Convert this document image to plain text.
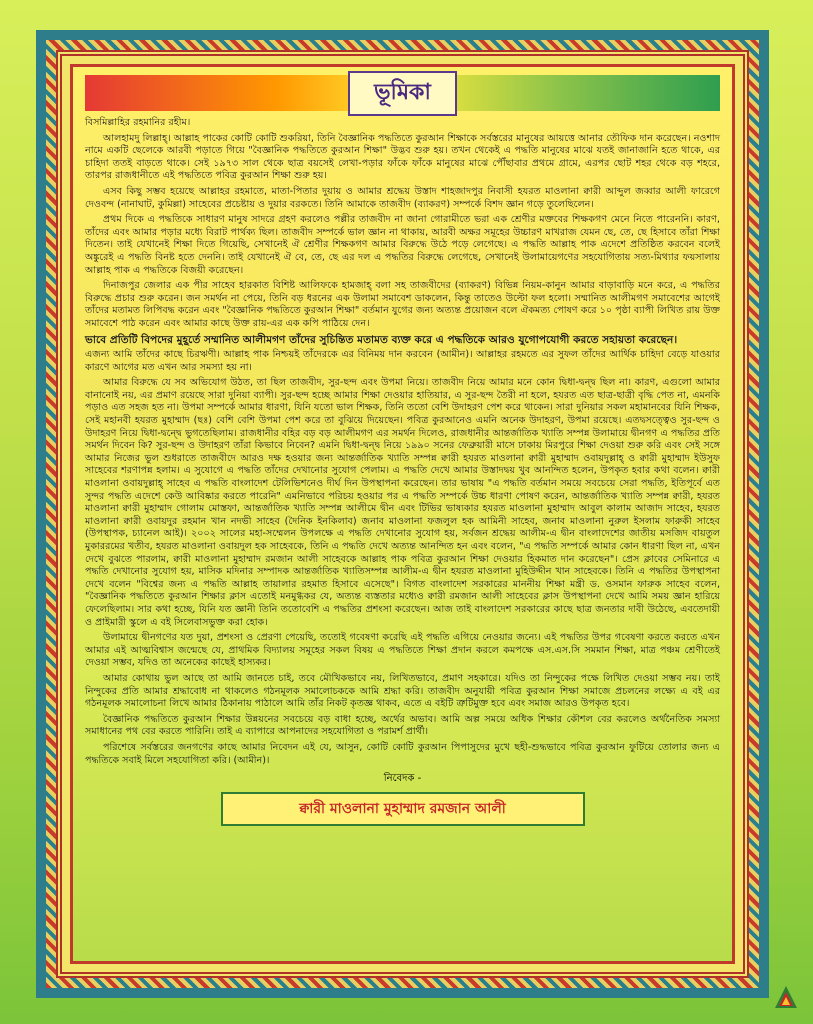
ভূমিকা

বিসমিল্লাহির রহমানির রহীম।

আলহামদু লিল্লাহ্‌। আল্লাহ পাকের কোটি কোটি শুকরিয়া, তিনি বৈজ্ঞানিক পদ্ধতিতে কুরআন শিক্ষাকে সর্বস্তরের মানুষের আয়ত্তে আনার তৌফিক দান করেছেন। নওশাদ নামে একটি ছেলেকে আরবী পড়াতে গিয়ে "বৈজ্ঞানিক পদ্ধতিতে কুরআন শিক্ষা" উদ্ভব শুরু হয়। তখন থেকেই এ পদ্ধতি মানুষের মাঝে যতই জানাজানি হতে থাকে, এর চাহিদা ততই বাড়তে থাকে। সেই ১৯৭৩ সাল থেকে ছাত্র বয়সেই লেখা-পড়ার ফাঁকে ফাঁকে মানুষের মাঝে পৌঁছাবার প্রথমে গ্রামে, এরপর ছোট শহর থেকে বড় শহরে, তারপর রাজধানীতে এই পদ্ধতিতে পবিত্র কুরআন শিক্ষা শুরু হয়।

এসব কিছু সম্ভব হয়েছে আল্লাহর রহমাতে, মাতা-পিতার দুয়ায় ও আমার শ্রদ্ধেয় উস্তাদ শাহজাদপুর নিবাসী হযরত মাওলানা ক্বারী আব্দুল জব্বার আলী ফারেগে দেওবন্দ (নানাঘাট, কুমিল্লা) সাহেবের প্রচেষ্টায় ও দুয়ার বরকতে। তিনি আমাকে তাজবীদ (ব্যাকরণ) সম্পর্কে বিশদ জ্ঞান গড়ে তুলেছিলেন।

প্রথম দিকে এ পদ্ধতিকে সাধারণ মানুষ সাদরে গ্রহণ করলেও পল্লীর তাজবীদ না জানা গোরামীতে ভরা এক শ্রেণীর মক্তবের শিক্ষকগণ মেনে নিতে পারেননি। কারণ, তাঁদের এবং আমার পড়ার মধ্যে বিরাট পার্থক্য ছিল। তাজবীদ সম্পর্কে ভাল জ্ঞান না থাকায়, আরবী অক্ষর সমূহের উচ্চারণ মাখরাজ যেমন ছে, তে, ছে হিসাবে তাঁরা শিক্ষা দিতেন। তাই যেখানেই শিক্ষা দিতে গিয়েছি, সেখানেই ঐ শ্রেণীর শিক্ষকগণ আমার বিরুদ্ধে উঠে পড়ে লেগেছে। এ পদ্ধতি আল্লাহ পাক এদেশে প্রতিষ্ঠিত করবেন বলেই অঙ্কুরেই এ পদ্ধতি বিনষ্ট হতে দেননি। তাই যেখানেই ঐ বে, তে, ছে এর দল এ পদ্ধতির বিরুদ্ধে লেগেছে, সেখানেই উলামায়েগণের সহযোগিতায় সত্য-মিথ্যার ফয়সালায় আল্লাহ পাক এ পদ্ধতিকে বিজয়ী করেছেন।

দিনাজপুর জেলার এক পীর সাহেব হারকাত বিশিষ্ট আলিফকে হামজাহ্‌ বলা সহ তাজবীদের (ব্যাকরণ) বিভিন্ন নিয়ম-কানুন আমার বাড়াবাড়ি মনে করে, এ পদ্ধতির বিরুদ্ধে প্রচার শুরু করেন। জন সমর্থন না পেয়ে, তিনি বড় ধরনের এক উলামা সমাবেশ ডাকলেন, কিন্তু তাতেও উল্টো ফল হলো। সম্মানিত আলীমগণ সমাবেশের আগেই তাঁদের মতামত লিপিবদ্ধ করেন এবং "বৈজ্ঞানিক পদ্ধতিতে কুরআন শিক্ষা" বর্তমান যুগের জন্য অত্যন্ত প্রয়োজন বলে ঐকমত্য পোষণ করে ১০ পৃষ্ঠা ব্যাপী লিখিত রায় উক্ত সমাবেশে পাঠ করেন এবং আমার কাছে উক্ত রায়-এর এক কপি পাঠিয়ে দেন।

ভাবে প্রতিটি বিপদের মুহূর্তে সম্মানিত আলীমগণ তাঁদের সুচিন্তিত মতামত ব্যক্ত করে এ পদ্ধতিকে আরও যুগোপযোগী করতে সহায়তা করেছেন।

এজন্য আমি তাঁদের কাছে চিরঋণী। আল্লাহ পাক নিশ্চয়ই তাঁদেরকে এর বিনিময় দান করবেন (আমীন)। আল্লাহর রহমতে এর সুফল তাঁদের আর্থিক চাহিদা বেড়ে যাওয়ার কারণে আগের মত এখন আর সমস্যা হয় না।

আমার বিরুদ্ধে যে সব অভিযোগ উঠত, তা ছিল তাজবীদ, সুর-ছন্দ এবং উপমা নিয়ে। তাজবীদ নিয়ে আমার মনে কোন দ্বিধা-দ্বন্দ্ব ছিল না। কারণ, এগুলো আমার বানানোই নয়, এর প্রমাণ রয়েছে সারা দুনিয়া ব্যাপী। সুর-ছন্দ হচ্ছে আমার শিক্ষা দেওয়ার হাতিয়ার, এ সুর-ছন্দ তৈরী না হলে, হযরত এত ছাত্র-ছাত্রী বৃদ্ধি পেত না, এমনকি পড়াও এত সহজ হত না। উপমা সম্পর্কে আমার ধারণা, যিনি যতো ভাল শিক্ষক, তিনি ততো বেশি উদাহরণ পেশ করে থাকেন। সারা দুনিয়ার সকল মহামানবের যিনি শিক্ষক, সেই মহানবী হযরত মুহাম্মাদ (ছঃ) বেশি বেশি উপমা পেশ করে তা বুঝিয়ে দিয়েছেন। পবিত্র কুরআনেও এমনি অনেক উদাহরণ, উপমা রয়েছে। এতদ্বসত্ত্বেও সুর-ছন্দ ও উদাহরণ নিয়ে দ্বিধা-দ্বন্দ্বে ভুগতেছিলাম। রাজধানীর বহির বড় বড় আলীমগণ এর সমর্থন দিলেও, রাজধানীর আন্তর্জাতিক খ্যাতি সম্পন্ন উলামায়ে দ্বীনগণ এ পদ্ধতির প্রতি সমর্থন দিবেন কি? সুর-ছন্দ ও উদাহরণ তাঁরা কিভাবে নিবেন? এমনি দ্বিধা-দ্বন্দ্ব নিয়ে ১৯৯০ সনের ফেব্রুয়ারী মাসে ঢাকায় মিরপুরে শিক্ষা দেওয়া শুরু করি এবং সেই সঙ্গে আমার নিজের ভুল শুধরাতে তাজবীদে আরও দক্ষ হওয়ার জন্য আন্তর্জাতিক খ্যাতি সম্পন্ন ক্বারী হযরত মাওলানা ক্বারী মুহাম্মাদ ওবায়দুল্লাহ্‌ ও ক্বারী মুহাম্মাদ ইউসুফ সাহেবের শরণাপন্ন হলাম। এ সুযোগে এ পদ্ধতি তাঁদের দেখানোর সুযোগ পেলাম। এ পদ্ধতি দেখে আমার উস্তাদদ্বয় খুব আনন্দিত হলেন, উপকৃত হবার কথা বলেন। ক্বারী মাওলানা ওবায়দুল্লাহ্‌ সাহেব এ পদ্ধতি বাংলাদেশ টেলিভিশনেও দীর্ঘ দিন উপস্থাপনা করেছেন। তার ভাষায় "এ পদ্ধতি বর্তমান সময়ে সবচেয়ে সেরা পদ্ধতি, ইতিপূর্বে এত সুন্দর পদ্ধতি এদেশে কেউ আবিষ্কার করতে পারেনি" এমনিভাবে পরিচয় হওয়ার পর এ পদ্ধতি সম্পর্কে উচ্চ ধারণা পোষণ করেন, আন্তর্জাতিক খ্যাতি সম্পন্ন ক্বারী, হযরত মাওলানা ক্বারী মুহাম্মাদ গোলাম মোস্তফা, আন্তর্জাতিক খ্যাতি সম্পন্ন আলীমে দ্বীন এবং টিভির ভাষ্যকার হযরত মাওলানা মুহাম্মাদ আবুল কালাম আজাদ সাহেব, হযরত মাওলানা ক্বারী ওবায়দুর রহমান খান নদভী সাহেব (দৈনিক ইনকিলাব) জনাব মাওলানা ফজলুল হক আমিনী সাহেব, জনাব মাওলানা নুরুল ইসলাম ফারুকী সাহেব (উপস্থাপক, চ্যানেল আই)। ২০০২ সালের মহা-সম্মেলন উপলক্ষে এ পদ্ধতি দেখানোর সুযোগ হয়, সর্বজন শ্রদ্ধেয় আলীম-এ দ্বীন বাংলাদেশের জাতীয় মসজিদ বায়তুল মুকাররমের খতীব, হযরত মাওলানা ওবায়দুল হক সাহেবকে, তিনি এ পদ্ধতি দেখে অত্যন্ত আনন্দিত হন এবং বলেন, "এ পদ্ধতি সম্পর্কে আমার কোন ধারণা ছিল না, এখন দেখে বুঝতে পারলাম, ক্বারী মাওলানা মুহাম্মাদ রমজান আলী সাহেবকে আল্লাহ পাক পবিত্র কুরআন শিক্ষা দেওয়ার হিকমাত দান করেছেন"। প্রেস ক্লাবের সেমিনারে এ পদ্ধতি দেখানোর সুযোগ হয়, মাসিক মদিনার সম্পাদক আন্তর্জাতিক খ্যাতিসম্পন্ন আলীম-এ দ্বীন হযরত মাওলানা মুহিউদ্দীন খান সাহেবকে। তিনি এ পদ্ধতির উপস্থাপনা দেখে বলেন "বিশ্বের জন্য এ পদ্ধতি আল্লাহ তায়ালার রহমাত হিসাবে এসেছে"। বিগত বাংলাদেশ সরকারের মাননীয় শিক্ষা মন্ত্রী ড. ওসমান ফারুক সাহেব বলেন, "বৈজ্ঞানিক পদ্ধতিতে কুরআন শিক্ষার ক্লাস এতোই মনমুগ্ধকর যে, অত্যন্ত ব্যস্ততার মধ্যেও ক্বারী রমজান আলী সাহেবের ক্লাস উপস্থাপনা দেখে আমি সময় জ্ঞান হারিয়ে ফেলেছিলাম। সার কথা হচ্ছে, যিনি যত জ্ঞানী তিনি ততোবেশি এ পদ্ধতির প্রশংসা করেছেন। আজ তাই বাংলাদেশ সরকারের কাছে ছাত্র জনতার দাবী উঠেছে, এবতেদায়ী ও প্রাইমারী স্কুলে এ বই সিলেবাসভুক্ত করা হোক।

উলামায়ে দ্বীনগণের যত দুয়া, প্রশংসা ও প্রেরণা পেয়েছি, ততোই গবেষণা করেছি এই পদ্ধতি এগিয়ে নেওয়ার জন্যে। এই পদ্ধতির উপর গবেষণা করতে করতে এখন আমার এই আত্মবিশ্বাস জন্মেছে যে, প্রাথমিক বিদ্যালয় সমূহের সকল বিষয় এ পদ্ধতিতে শিক্ষা প্রদান করলে কমপক্ষে এস.এস.সি সমমান শিক্ষা, মাত্র পঞ্চম শ্রেণীতেই দেওয়া সম্ভব, যদিও তা অনেকের কাছেই হাস্যকর।

আমার কোথায় ভুল আছে তা আমি জানতে চাই, তবে মৌখিকভাবে নয়, লিখিতভাবে, প্রমাণ সহকারে। যদিও তা নিন্দুকের পক্ষে লিখিত দেওয়া সম্ভব নয়। তাই নিন্দুকের প্রতি আমার শ্রদ্ধাবোধ না থাকলেও গঠনমূলক সমালোচককে আমি শ্রদ্ধা করি। তাজবীদ অনুযায়ী পবিত্র কুরআন শিক্ষা সমাজে প্রচলনের লক্ষ্যে এ বই এর গঠনমূলক সমালোচনা লিখে আমার ঠিকানায় পাঠালে আমি তাঁর নিকট কৃতজ্ঞ থাকব, এতে এ বইটি ত্রুটিমুক্ত হবে এবং সমাজ আরও উপকৃত হবে।

বৈজ্ঞানিক পদ্ধতিতে কুরআন শিক্ষার উন্নয়নের সবচেয়ে বড় বাধা হচ্ছে, অর্থের অভাব। আমি অল্প সময়ে অধিক শিক্ষার কৌশল বের করলেও অর্থনৈতিক সমস্যা সমাধানের পথ বের করতে পারিনি। তাই এ ব্যাপারে আপনাদের সহযোগিতা ও পরামর্শ প্রার্থী।

পরিশেষে সর্বস্তরের জনগণের কাছে আমার নিবেদন এই যে, আসুন, কোটি কোটি কুরআন পিপাসুদের মুখে ছহী-শুদ্ধভাবে পবিত্র কুরআন ফুটিয়ে তোলার জন্য এ পদ্ধতিকে সবাই মিলে সহযোগিতা করি। (আমীন)।

নিবেদক -
ক্বারী মাওলানা মুহাম্মাদ রমজান আলী
